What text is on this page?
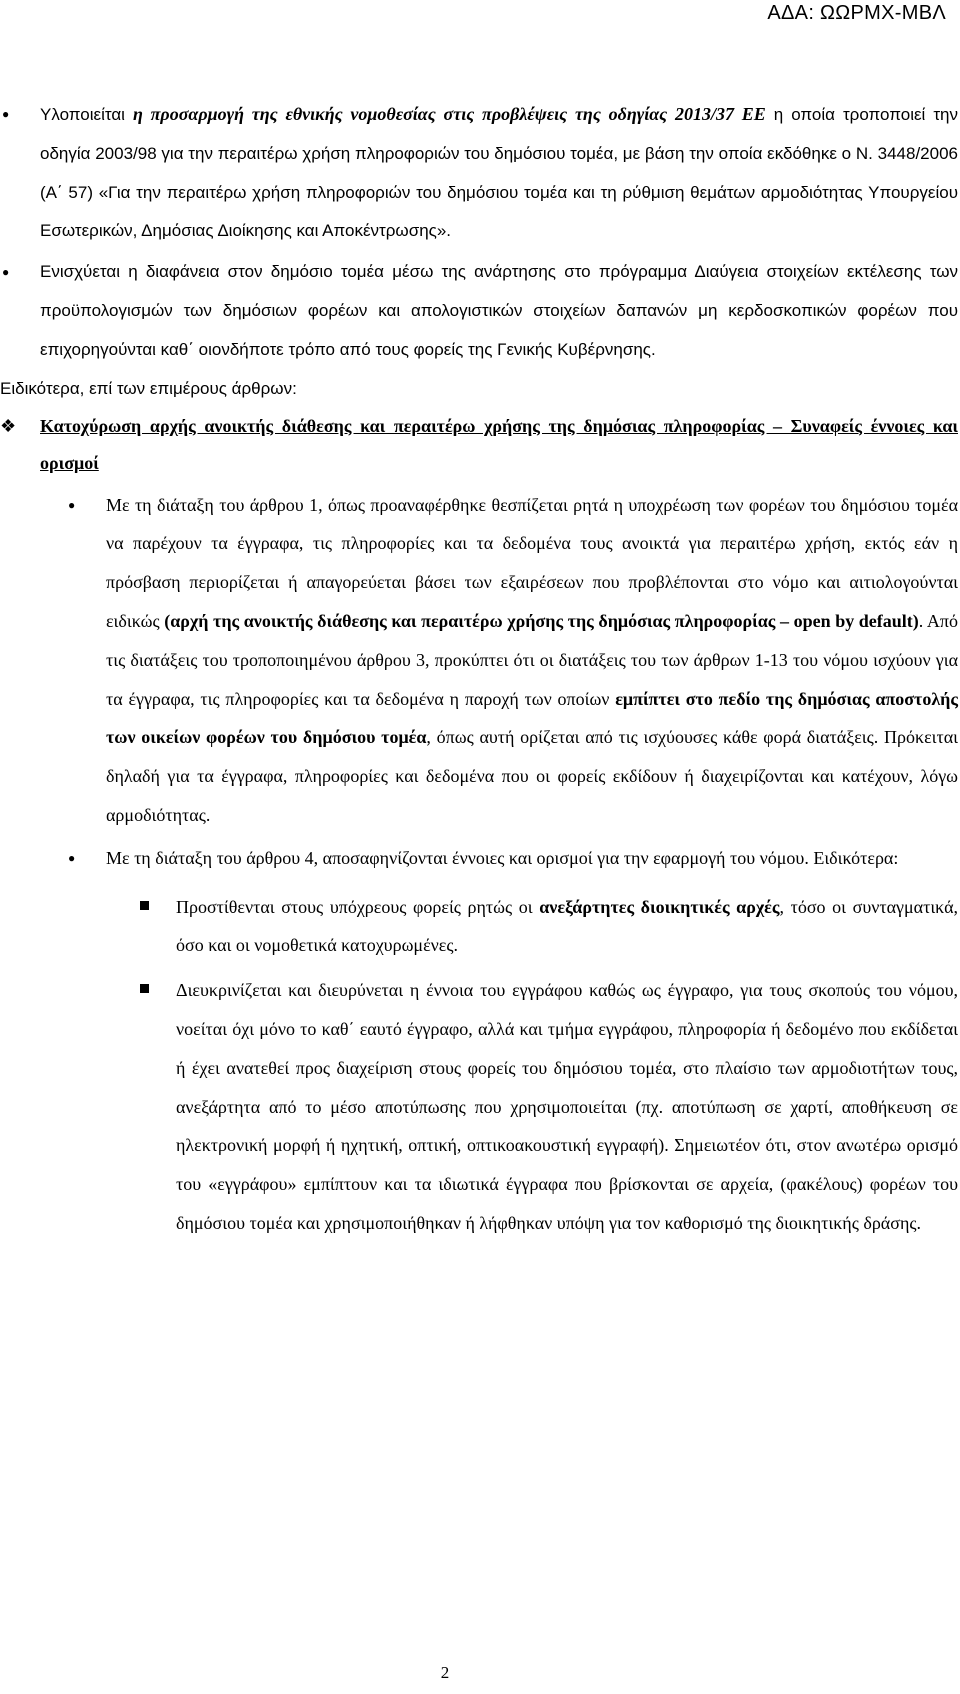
ΑΔΑ: ΩΩΡΜΧ-ΜΒΛ
● Υλοποιείται η προσαρμογή της εθνικής νομοθεσίας στις προβλέψεις της οδηγίας 2013/37 ΕΕ η οποία τροποποιεί την οδηγία 2003/98 για την περαιτέρω χρήση πληροφοριών του δημόσιου τομέα, με βάση την οποία εκδόθηκε ο Ν. 3448/2006 (Α΄ 57) «Για την περαιτέρω χρήση πληροφοριών του δημόσιου τομέα και τη ρύθμιση θεμάτων αρμοδιότητας Υπουργείου Εσωτερικών, Δημόσιας Διοίκησης και Αποκέντρωσης».
● Ενισχύεται η διαφάνεια στον δημόσιο τομέα μέσω της ανάρτησης στο πρόγραμμα Διαύγεια στοιχείων εκτέλεσης των προϋπολογισμών των δημόσιων φορέων και απολογιστικών στοιχείων δαπανών μη κερδοσκοπικών φορέων που επιχορηγούνται καθ΄ οιονδήποτε τρόπο από τους φορείς της Γενικής Κυβέρνησης.
Ειδικότερα, επί των επιμέρους άρθρων:
❖ Κατοχύρωση αρχής ανοικτής διάθεσης και περαιτέρω χρήσης της δημόσιας πληροφορίας – Συναφείς έννοιες και ορισμοί
● Με τη διάταξη του άρθρου 1, όπως προαναφέρθηκε θεσπίζεται ρητά η υποχρέωση των φορέων του δημόσιου τομέα να παρέχουν τα έγγραφα, τις πληροφορίες και τα δεδομένα τους ανοικτά για περαιτέρω χρήση, εκτός εάν η πρόσβαση περιορίζεται ή απαγορεύεται βάσει των εξαιρέσεων που προβλέπονται στο νόμο και αιτιολογούνται ειδικώς (αρχή της ανοικτής διάθεσης και περαιτέρω χρήσης της δημόσιας πληροφορίας – open by default). Από τις διατάξεις του τροποποιημένου άρθρου 3, προκύπτει ότι οι διατάξεις του των άρθρων 1-13 του νόμου ισχύουν για τα έγγραφα, τις πληροφορίες και τα δεδομένα η παροχή των οποίων εμπίπτει στο πεδίο της δημόσιας αποστολής των οικείων φορέων του δημόσιου τομέα, όπως αυτή ορίζεται από τις ισχύουσες κάθε φορά διατάξεις. Πρόκειται δηλαδή για τα έγγραφα, πληροφορίες και δεδομένα που οι φορείς εκδίδουν ή διαχειρίζονται και κατέχουν, λόγω αρμοδιότητας.
● Με τη διάταξη του άρθρου 4, αποσαφηνίζονται έννοιες και ορισμοί για την εφαρμογή του νόμου. Ειδικότερα:
Προστίθενται στους υπόχρεους φορείς ρητώς οι ανεξάρτητες διοικητικές αρχές, τόσο οι συνταγματικά, όσο και οι νομοθετικά κατοχυρωμένες.
Διευκρινίζεται και διευρύνεται η έννοια του εγγράφου καθώς ως έγγραφο, για τους σκοπούς του νόμου, νοείται όχι μόνο το καθ΄ εαυτό έγγραφο, αλλά και τμήμα εγγράφου, πληροφορία ή δεδομένο που εκδίδεται ή έχει ανατεθεί προς διαχείριση στους φορείς του δημόσιου τομέα, στο πλαίσιο των αρμοδιοτήτων τους, ανεξάρτητα από το μέσο αποτύπωσης που χρησιμοποιείται (πχ. αποτύπωση σε χαρτί, αποθήκευση σε ηλεκτρονική μορφή ή ηχητική, οπτική, οπτικοακουστική εγγραφή). Σημειωτέον ότι, στον ανωτέρω ορισμό του «εγγράφου» εμπίπτουν και τα ιδιωτικά έγγραφα που βρίσκονται σε αρχεία, (φακέλους) φορέων του δημόσιου τομέα και χρησιμοποιήθηκαν ή λήφθηκαν υπόψη για τον καθορισμό της διοικητικής δράσης.
2
